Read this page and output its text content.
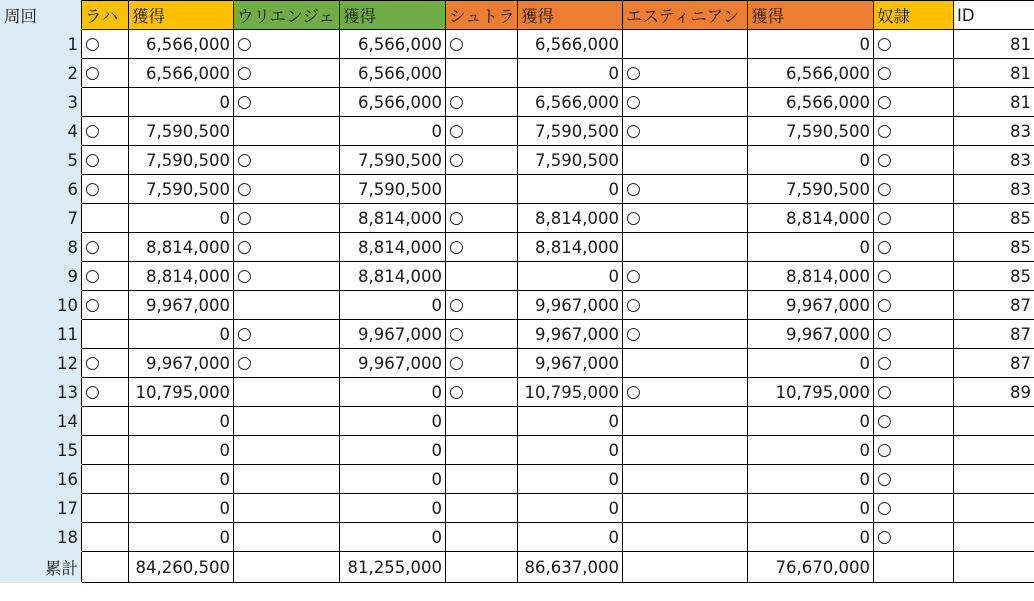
周回	ラハ	獲得	ウリエンジェ	獲得	シュトラ	獲得	エスティニアン	獲得	奴隷	ID
1	○	6,566,000	○	6,566,000	○	6,566,000		0	○	81
2	○	6,566,000	○	6,566,000		0	○	6,566,000	○	81
3		0	○	6,566,000	○	6,566,000	○	6,566,000	○	81
4	○	7,590,500		0	○	7,590,500	○	7,590,500	○	83
5	○	7,590,500	○	7,590,500	○	7,590,500		0	○	83
6	○	7,590,500	○	7,590,500		0	○	7,590,500	○	83
7		0	○	8,814,000	○	8,814,000	○	8,814,000	○	85
8	○	8,814,000	○	8,814,000	○	8,814,000		0	○	85
9	○	8,814,000	○	8,814,000		0	○	8,814,000	○	85
10	○	9,967,000		0	○	9,967,000	○	9,967,000	○	87
11		0	○	9,967,000	○	9,967,000	○	9,967,000	○	87
12	○	9,967,000	○	9,967,000	○	9,967,000		0	○	87
13	○	10,795,000		0	○	10,795,000	○	10,795,000	○	89
14		0		0		0		0	○	
15		0		0		0		0	○	
16		0		0		0		0	○	
17		0		0		0		0	○	
18		0		0		0		0	○	
累計		84,260,500		81,255,000		86,637,000		76,670,000		
